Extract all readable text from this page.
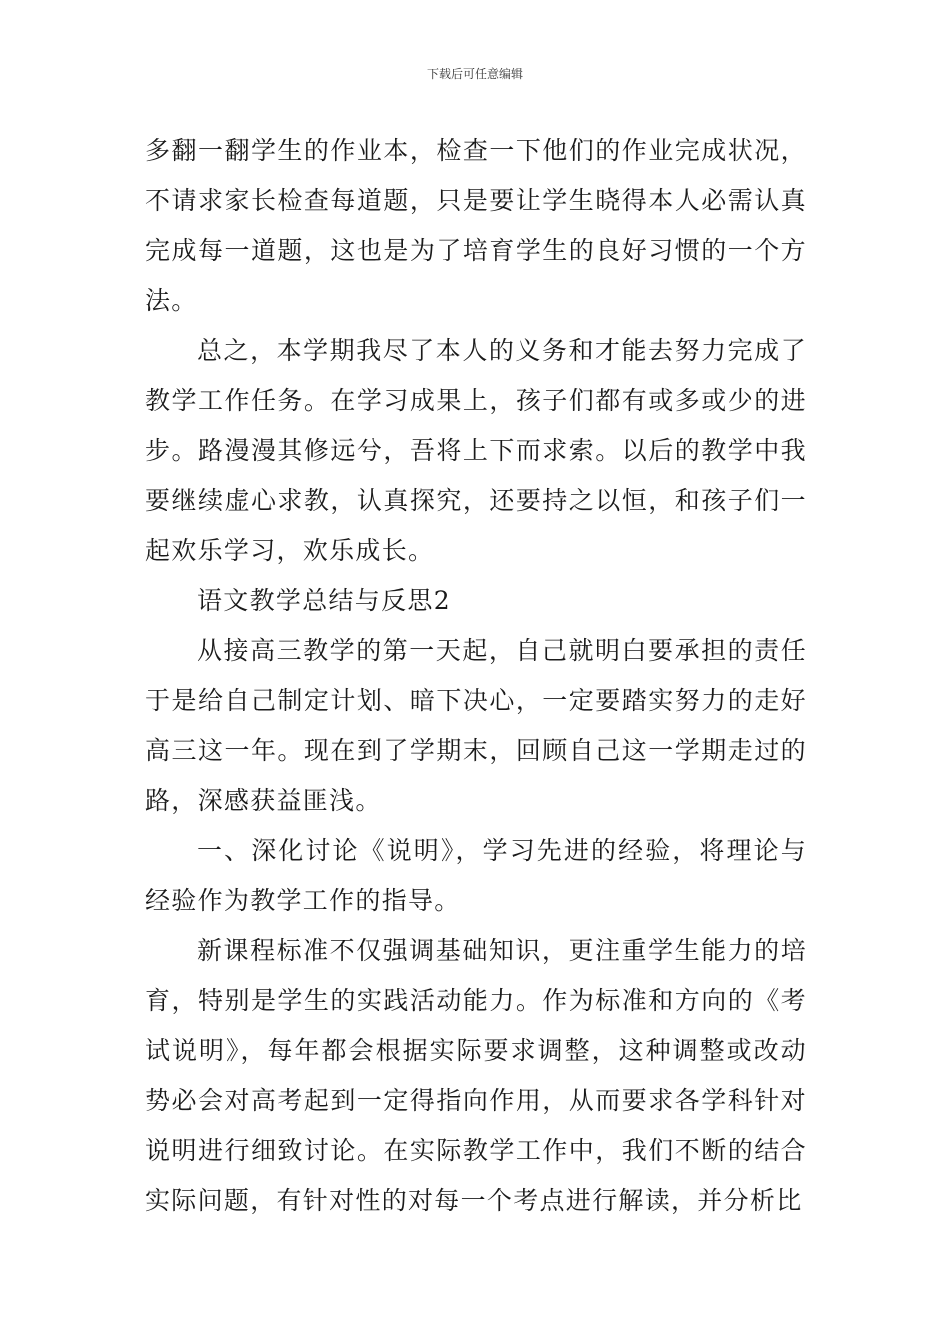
下载后可任意编辑

多翻一翻学生的作业本，检查一下他们的作业完成状况，不请求家长检查每道题，只是要让学生晓得本人必需认真完成每一道题，这也是为了培育学生的良好习惯的一个方法。

总之，本学期我尽了本人的义务和才能去努力完成了教学工作任务。在学习成果上，孩子们都有或多或少的进步。路漫漫其修远兮，吾将上下而求索。以后的教学中我要继续虚心求教，认真探究，还要持之以恒，和孩子们一起欢乐学习，欢乐成长。

语文教学总结与反思2

从接高三教学的第一天起，自己就明白要承担的责任于是给自己制定计划、暗下决心，一定要踏实努力的走好高三这一年。现在到了学期末，回顾自己这一学期走过的路，深感获益匪浅。

一、深化讨论《说明》，学习先进的经验，将理论与经验作为教学工作的指导。

新课程标准不仅强调基础知识，更注重学生能力的培育，特别是学生的实践活动能力。作为标准和方向的《考试说明》，每年都会根据实际要求调整，这种调整或改动势必会对高考起到一定得指向作用，从而要求各学科针对说明进行细致讨论。在实际教学工作中，我们不断的结合实际问题，有针对性的对每一个考点进行解读，并分析比
